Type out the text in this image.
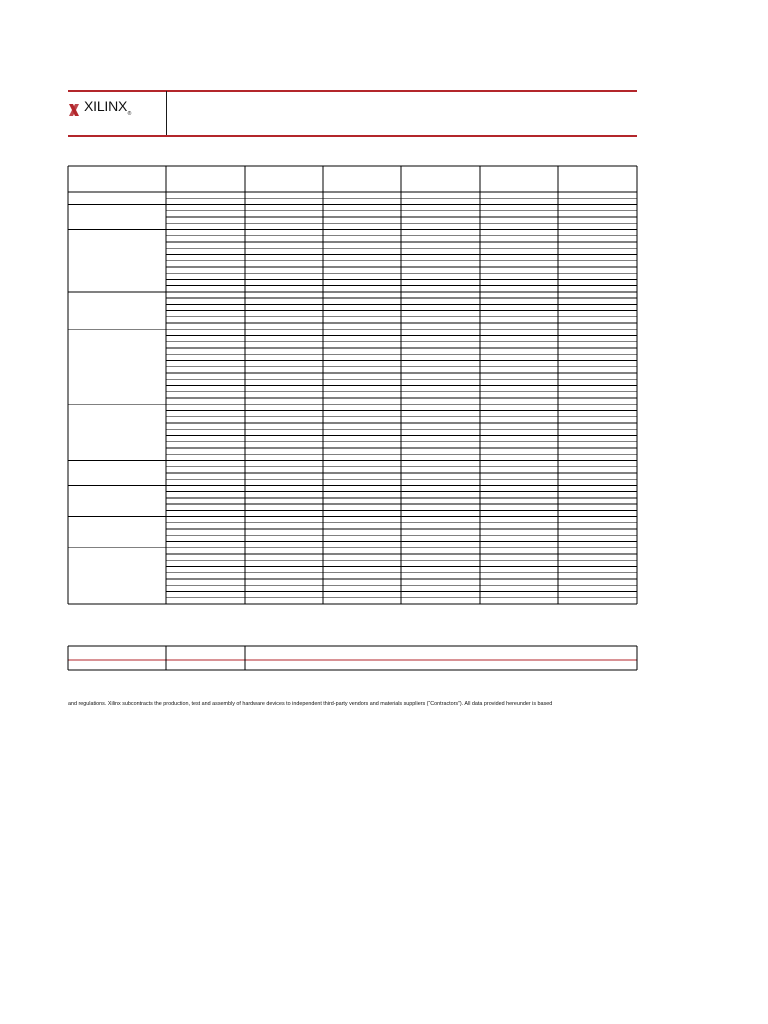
$XILINX_®$
and regulations. Xilinx subcontracts the production, test and assembly of hardware devices to independent third-party vendors and materials suppliers (“Contractors”). All data provided hereunder is based
